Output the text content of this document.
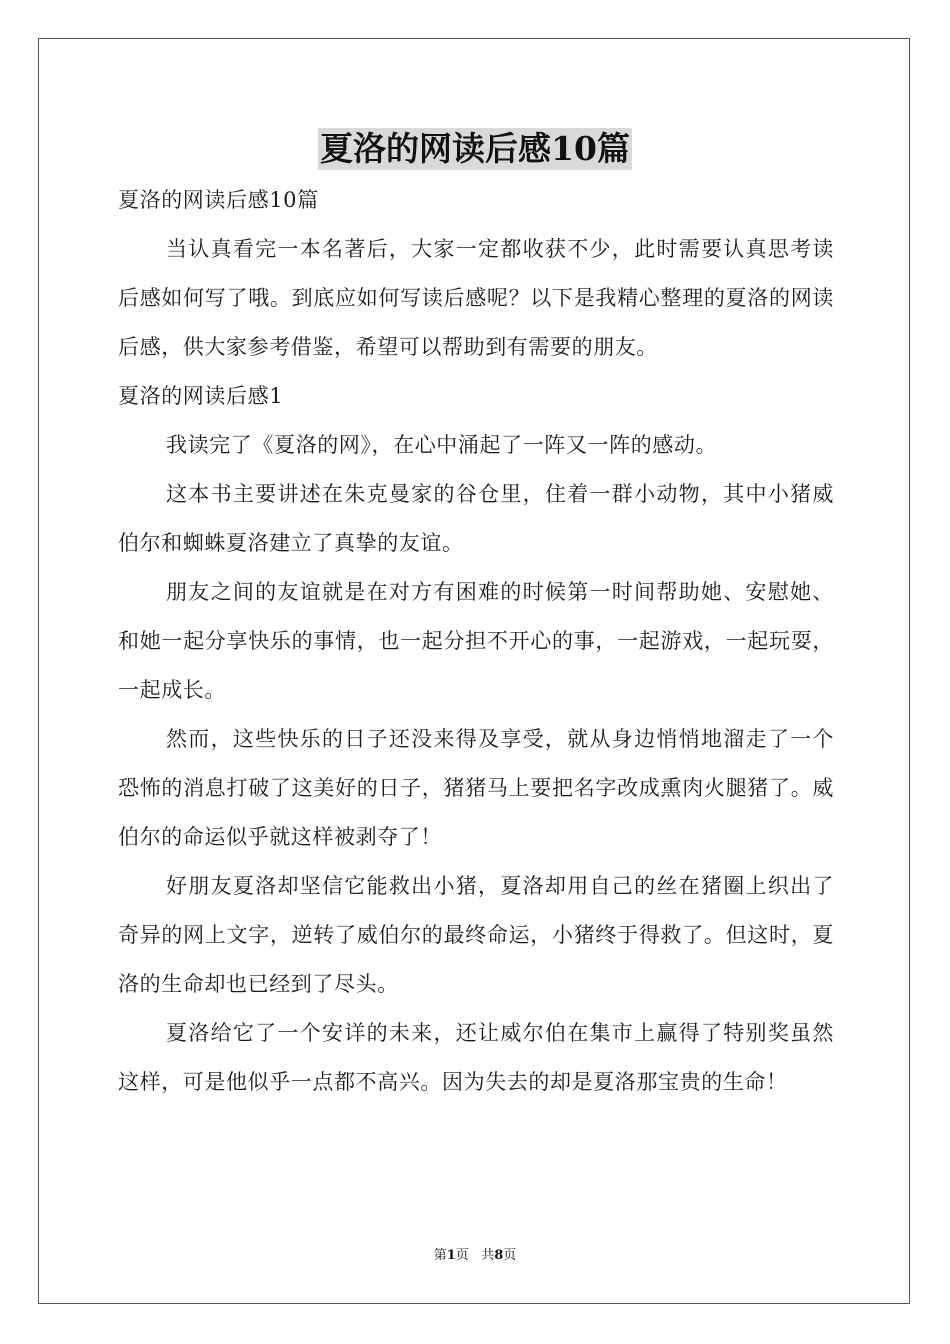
夏洛的网读后感10篇

夏洛的网读后感10篇

当认真看完一本名著后，大家一定都收获不少，此时需要认真思考读后感如何写了哦。到底应如何写读后感呢？以下是我精心整理的夏洛的网读后感，供大家参考借鉴，希望可以帮助到有需要的朋友。

夏洛的网读后感1

我读完了《夏洛的网》，在心中涌起了一阵又一阵的感动。

这本书主要讲述在朱克曼家的谷仓里，住着一群小动物，其中小猪威伯尔和蜘蛛夏洛建立了真挚的友谊。

朋友之间的友谊就是在对方有困难的时候第一时间帮助她、安慰她、和她一起分享快乐的事情，也一起分担不开心的事，一起游戏，一起玩耍，一起成长。

然而，这些快乐的日子还没来得及享受，就从身边悄悄地溜走了一个恐怖的消息打破了这美好的日子，猪猪马上要把名字改成熏肉火腿猪了。威伯尔的命运似乎就这样被剥夺了！

好朋友夏洛却坚信它能救出小猪，夏洛却用自己的丝在猪圈上织出了奇异的网上文字，逆转了威伯尔的最终命运，小猪终于得救了。但这时，夏洛的生命却也已经到了尽头。

夏洛给它了一个安详的未来，还让威尔伯在集市上赢得了特别奖虽然这样，可是他似乎一点都不高兴。因为失去的却是夏洛那宝贵的生命！

第1页 共8页
